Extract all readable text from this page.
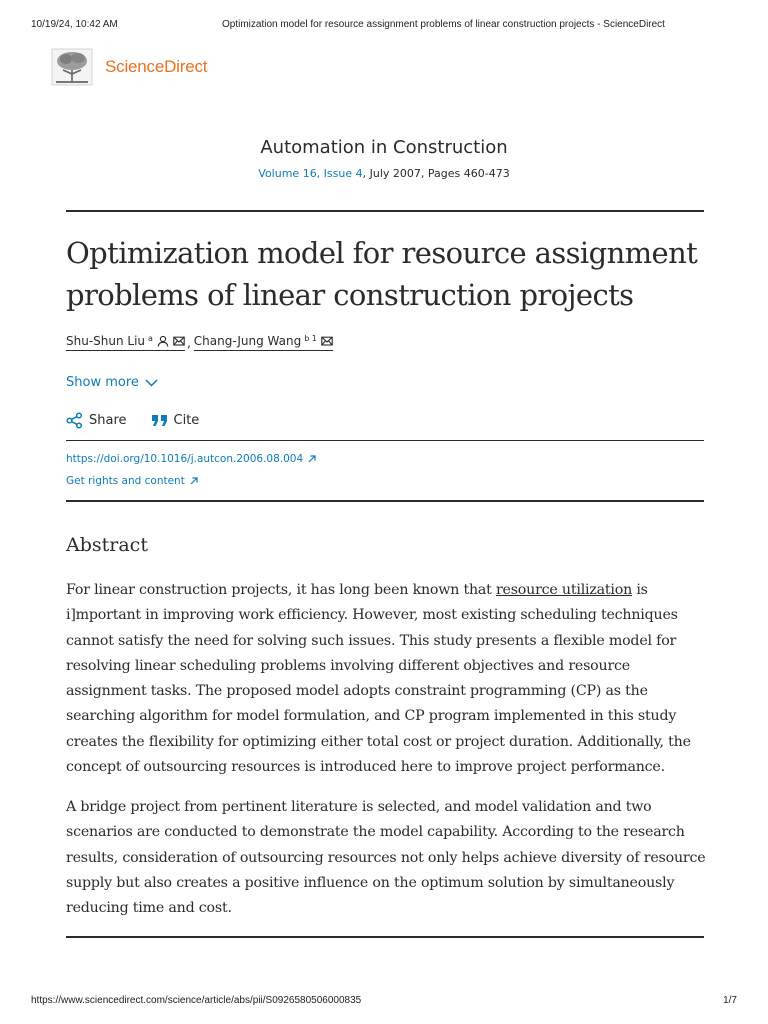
10/19/24, 10:42 AM	Optimization model for resource assignment problems of linear construction projects - ScienceDirect
ScienceDirect
Automation in Construction
Volume 16, Issue 4, July 2007, Pages 460-473
Optimization model for resource assignment problems of linear construction projects
Shu-Shun Liu $^a$	, Chang-Jung Wang $^{b 1}$
Show more
Share	Cite
https://doi.org/10.1016/j.autcon.2006.08.004
Get rights and content
Abstract

For linear construction projects, it has long been known that resource utilization is i]mportant in improving work efficiency. However, most existing scheduling techniques cannot satisfy the need for solving such issues. This study presents a flexible model for resolving linear scheduling problems involving different objectives and resource assignment tasks. The proposed model adopts constraint programming (CP) as the searching algorithm for model formulation, and CP program implemented in this study creates the flexibility for optimizing either total cost or project duration. Additionally, the concept of outsourcing resources is introduced here to improve project performance.

A bridge project from pertinent literature is selected, and model validation and two scenarios are conducted to demonstrate the model capability. According to the research results, consideration of outsourcing resources not only helps achieve diversity of resource supply but also creates a positive influence on the optimum solution by simultaneously reducing time and cost.

https://www.sciencedirect.com/science/article/abs/pii/S0926580506000835	1/7
